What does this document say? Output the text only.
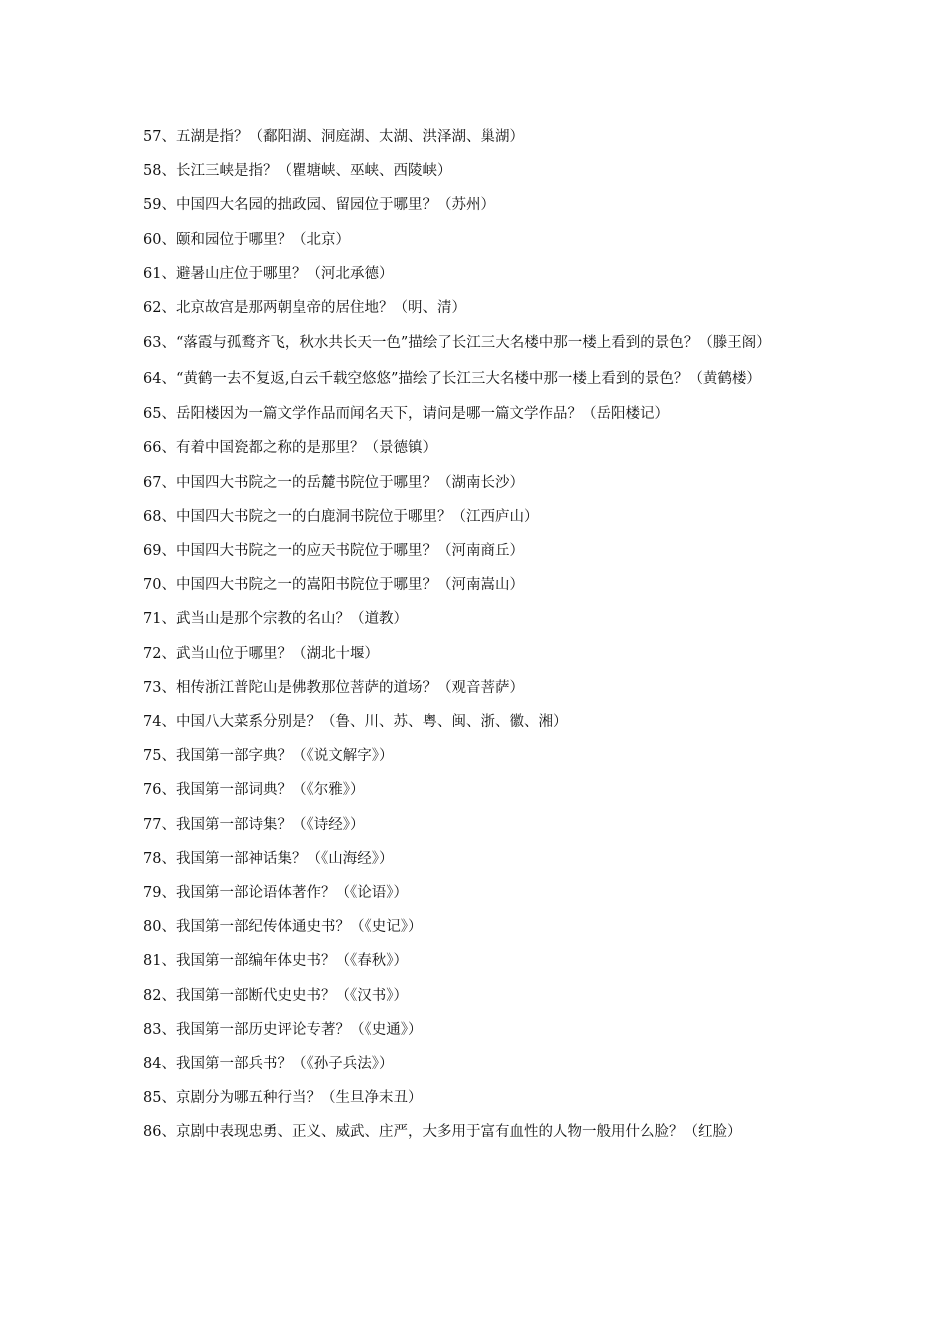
57、五湖是指？（鄱阳湖、洞庭湖、太湖、洪泽湖、巢湖）

58、长江三峡是指？（瞿塘峡、巫峡、西陵峡）

59、中国四大名园的拙政园、留园位于哪里？（苏州）

60、颐和园位于哪里？（北京）

61、避暑山庄位于哪里？（河北承德）

62、北京故宫是那两朝皇帝的居住地？（明、清）

63、“落霞与孤鹜齐飞，秋水共长天一色”描绘了长江三大名楼中那一楼上看到的景色？（滕王阁）

64、“黄鹤一去不复返,白云千载空悠悠”描绘了长江三大名楼中那一楼上看到的景色？（黄鹤楼）

65、岳阳楼因为一篇文学作品而闻名天下，请问是哪一篇文学作品？（岳阳楼记）

66、有着中国瓷都之称的是那里？（景德镇）

67、中国四大书院之一的岳麓书院位于哪里？（湖南长沙）

68、中国四大书院之一的白鹿洞书院位于哪里？（江西庐山）

69、中国四大书院之一的应天书院位于哪里？（河南商丘）

70、中国四大书院之一的嵩阳书院位于哪里？（河南嵩山）

71、武当山是那个宗教的名山？（道教）

72、武当山位于哪里？（湖北十堰）

73、相传浙江普陀山是佛教那位菩萨的道场？（观音菩萨）

74、中国八大菜系分别是？（鲁、川、苏、粤、闽、浙、徽、湘）

75、我国第一部字典？（《说文解字》）

76、我国第一部词典？（《尔雅》）

77、我国第一部诗集？（《诗经》）

78、我国第一部神话集？（《山海经》）

79、我国第一部论语体著作？（《论语》）

80、我国第一部纪传体通史书？（《史记》）

81、我国第一部编年体史书？（《春秋》）

82、我国第一部断代史史书？（《汉书》）

83、我国第一部历史评论专著？（《史通》）

84、我国第一部兵书？（《孙子兵法》）

85、京剧分为哪五种行当？（生旦净末丑）

86、京剧中表现忠勇、正义、威武、庄严，大多用于富有血性的人物一般用什么脸？（红脸）
